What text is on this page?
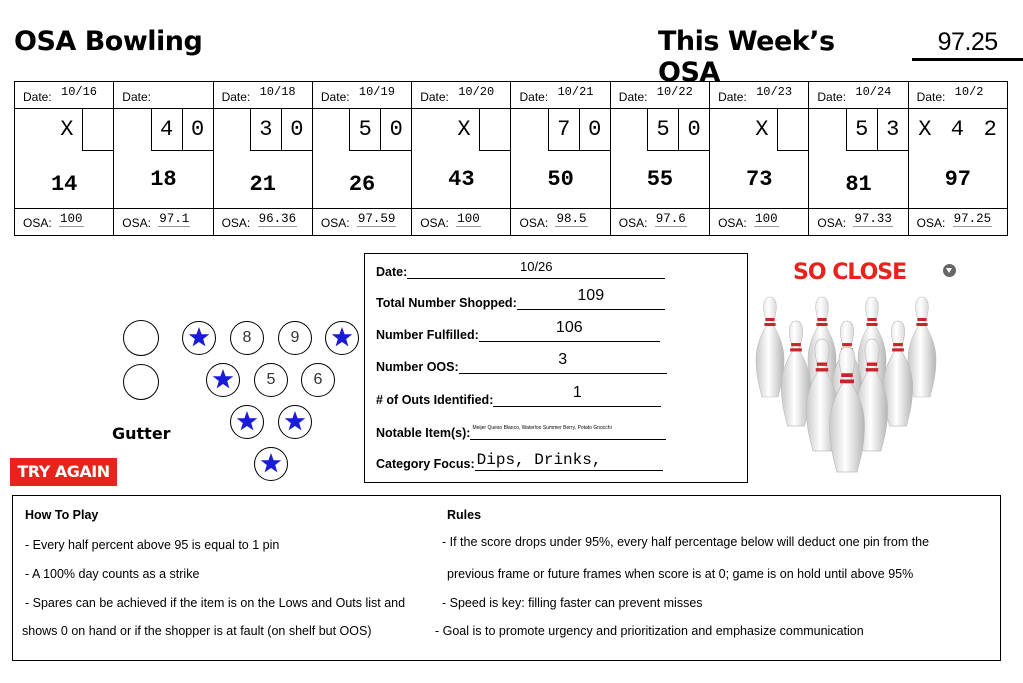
OSA Bowling	This Week’s OSA
97.25
Date: 10/16
X
14
OSA: 100
Date:
4 0
18
OSA: 97.1
Date: 10/18
3 0
21
OSA: 96.36
Date: 10/19
5 0
26
OSA: 97.59
Date: 10/20
X
43
OSA: 100
Date: 10/21
7 0
50
OSA: 98.5
Date: 10/22
5 0
55
OSA: 97.6
Date: 10/23
X
73
OSA: 100
Date: 10/24
5 3
81
OSA: 97.33
Date: 10/2
X 4 2
97
OSA: 97.25
Gutter
8	9
5	6
TRY AGAIN
Date:	10/26
Total Number Shopped:	109
Number Fulfilled:	106
Number OOS:	3
# of Outs Identified:	1
Notable Item(s): Meijer Queso Blanco, Waterloo Summer Berry, Potato Gnocchi
Category Focus: Dips, Drinks,
SO CLOSE
How To Play
- Every half percent above 95 is equal to 1 pin
- A 100% day counts as a strike
- Spares can be achieved if the item is on the Lows and Outs list and
shows 0 on hand or if the shopper is at fault (on shelf but OOS)
Rules
- If the score drops under 95%, every half percentage below will deduct one pin from the
previous frame or future frames when score is at 0; game is on hold until above 95%
- Speed is key: filling faster can prevent misses
- Goal is to promote urgency and prioritization and emphasize communication
